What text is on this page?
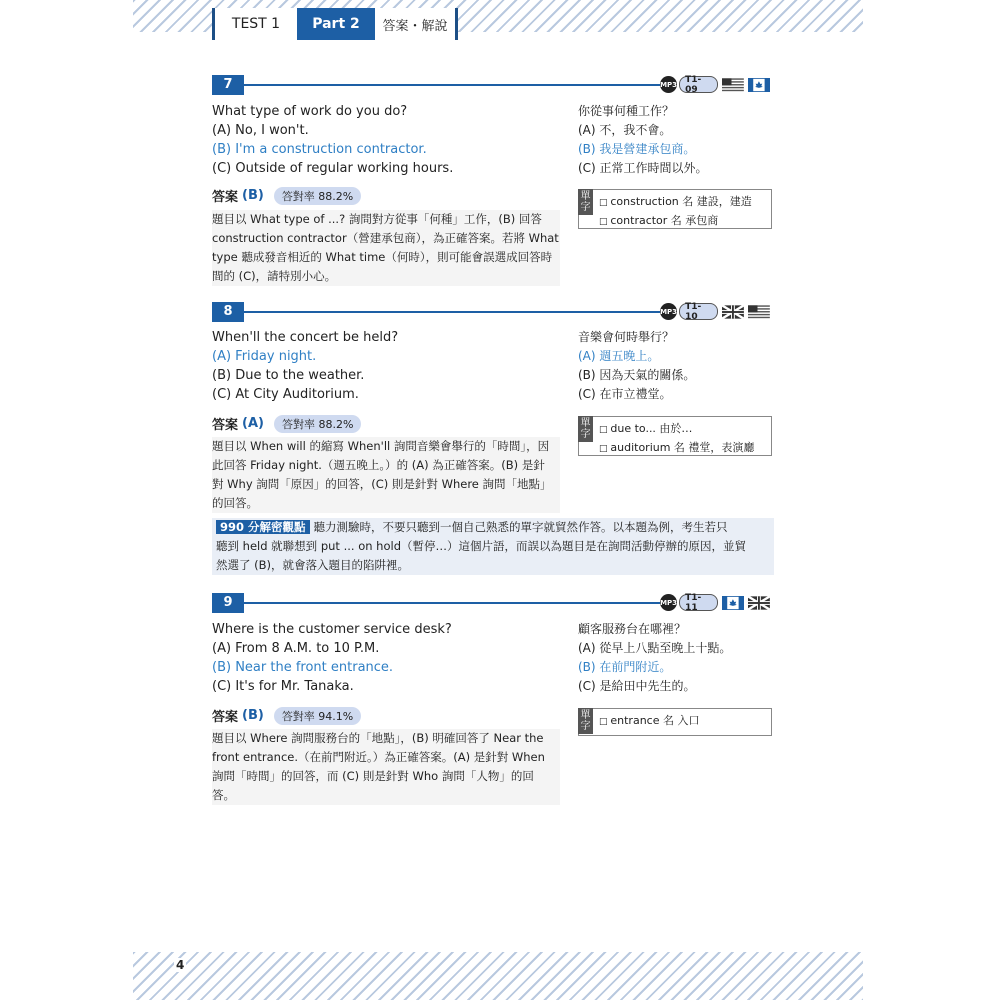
TEST 1	Part 2	答案・解說
7	MP3 T1-09
What type of work do you do?
(A) No, I won't.
(B) I'm a construction contractor.
(C) Outside of regular working hours.
你從事何種工作？
(A) 不，我不會。
(B) 我是營建承包商。
(C) 正常工作時間以外。
答案 (B)	答對率 88.2%
題目以 What type of ...? 詢問對方從事「何種」工作，(B) 回答
construction contractor（營建承包商），為正確答案。若將 What
type 聽成發音相近的 What time（何時），則可能會誤選成回答時
間的 (C)，請特別小心。
單字	□ construction 名 建設，建造
□ contractor 名 承包商
8	MP3 T1-10
When'll the concert be held?
(A) Friday night.
(B) Due to the weather.
(C) At City Auditorium.
音樂會何時舉行？
(A) 週五晚上。
(B) 因為天氣的關係。
(C) 在市立禮堂。
答案 (A)	答對率 88.2%
題目以 When will 的縮寫 When'll 詢問音樂會舉行的「時間」，因
此回答 Friday night.（週五晚上。）的 (A) 為正確答案。(B) 是針
對 Why 詢問「原因」的回答，(C) 則是針對 Where 詢問「地點」
的回答。
單字	□ due to... 由於…
□ auditorium 名 禮堂，表演廳
990 分解密觀點 聽力測驗時，不要只聽到一個自己熟悉的單字就貿然作答。以本題為例，考生若只
聽到 held 就聯想到 put ... on hold（暫停…）這個片語，而誤以為題目是在詢問活動停辦的原因，並貿
然選了 (B)，就會落入題目的陷阱裡。
9	MP3 T1-11
Where is the customer service desk?
(A) From 8 A.M. to 10 P.M.
(B) Near the front entrance.
(C) It's for Mr. Tanaka.
顧客服務台在哪裡？
(A) 從早上八點至晚上十點。
(B) 在前門附近。
(C) 是給田中先生的。
答案 (B)	答對率 94.1%
題目以 Where 詢問服務台的「地點」，(B) 明確回答了 Near the
front entrance.（在前門附近。）為正確答案。(A) 是針對 When
詢問「時間」的回答，而 (C) 則是針對 Who 詢問「人物」的回
答。
單字	□ entrance 名 入口
4
